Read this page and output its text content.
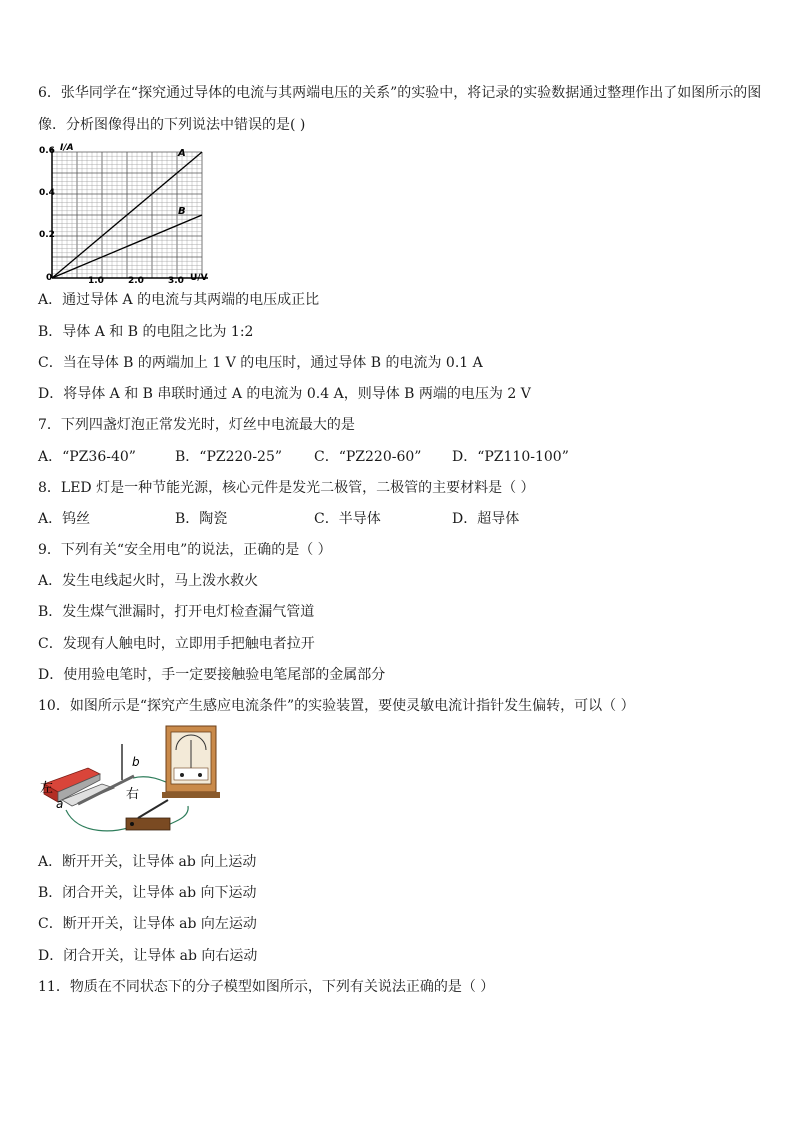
6．张华同学在“探究通过导体的电流与其两端电压的关系”的实验中，将记录的实验数据通过整理作出了如图所示的图
像．分析图像得出的下列说法中错误的是( )
I/A
U/V
0.6
0.4
0.2
0	1.0	2.0	3.0
A
B
A．通过导体 A 的电流与其两端的电压成正比
B．导体 A 和 B 的电阻之比为 1:2
C．当在导体 B 的两端加上 1 V 的电压时，通过导体 B 的电流为 0.1 A
D．将导体 A 和 B 串联时通过 A 的电流为 0.4 A，则导体 B 两端的电压为 2 V
7．下列四盏灯泡正常发光时，灯丝中电流最大的是
A．“PZ36-40”	B．“PZ220-25” C．“PZ220-60” D．“PZ110-100”
8．LED 灯是一种节能光源，核心元件是发光二极管，二极管的主要材料是（ ）
A．钨丝	B．陶瓷	C．半导体	D．超导体
9．下列有关“安全用电”的说法，正确的是（ ）
A．发生电线起火时，马上泼水救火
B．发生煤气泄漏时，打开电灯检查漏气管道
C．发现有人触电时，立即用手把触电者拉开
D．使用验电笔时，手一定要接触验电笔尾部的金属部分
10．如图所示是“探究产生感应电流条件”的实验装置，要使灵敏电流计指针发生偏转，可以（ ）
左	右
a
b
A．断开开关，让导体 ab 向上运动
B．闭合开关，让导体 ab 向下运动
C．断开开关，让导体 ab 向左运动
D．闭合开关，让导体 ab 向右运动
11．物质在不同状态下的分子模型如图所示，下列有关说法正确的是（ ）
